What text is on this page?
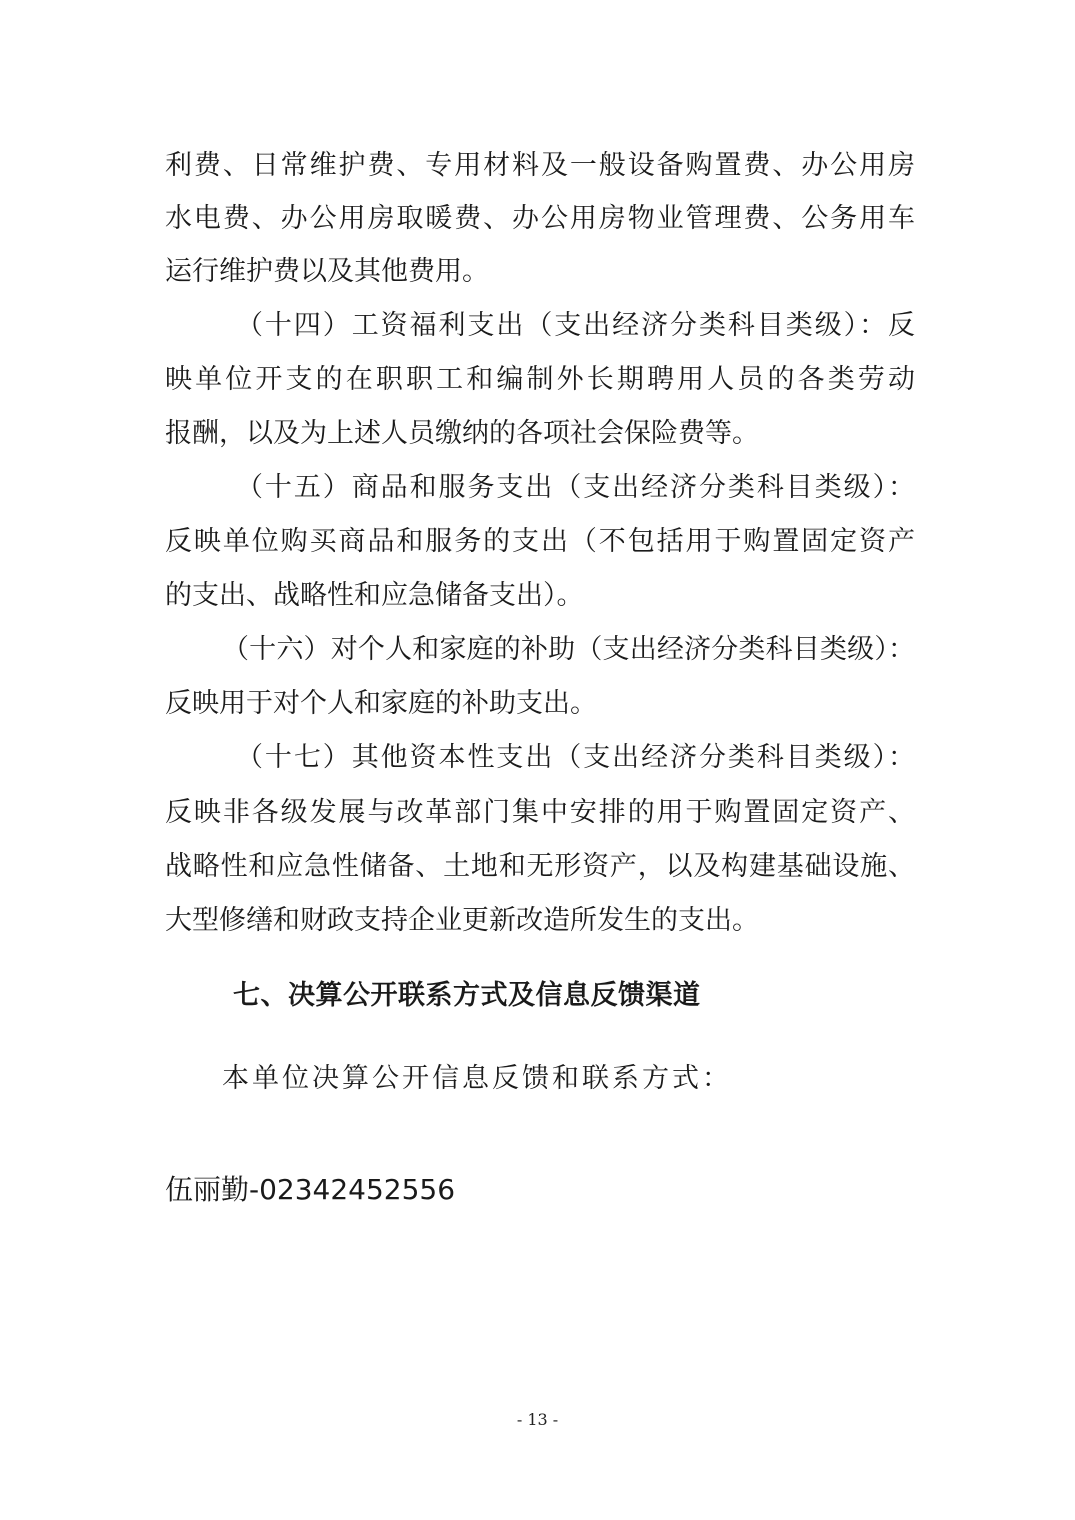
利费、日常维护费、专用材料及一般设备购置费、办公用房
水电费、办公用房取暖费、办公用房物业管理费、公务用车
运行维护费以及其他费用。
（十四）工资福利支出（支出经济分类科目类级）：反
映单位开支的在职职工和编制外长期聘用人员的各类劳动
报酬，以及为上述人员缴纳的各项社会保险费等。
（十五）商品和服务支出（支出经济分类科目类级）：
反映单位购买商品和服务的支出（不包括用于购置固定资产
的支出、战略性和应急储备支出）。
（十六）对个人和家庭的补助（支出经济分类科目类级）：
反映用于对个人和家庭的补助支出。
（十七）其他资本性支出（支出经济分类科目类级）：
反映非各级发展与改革部门集中安排的用于购置固定资产、
战略性和应急性储备、土地和无形资产，以及构建基础设施、
大型修缮和财政支持企业更新改造所发生的支出。
七、决算公开联系方式及信息反馈渠道
本单位决算公开信息反馈和联系方式：
伍丽勤-02342452556
- 13 -
